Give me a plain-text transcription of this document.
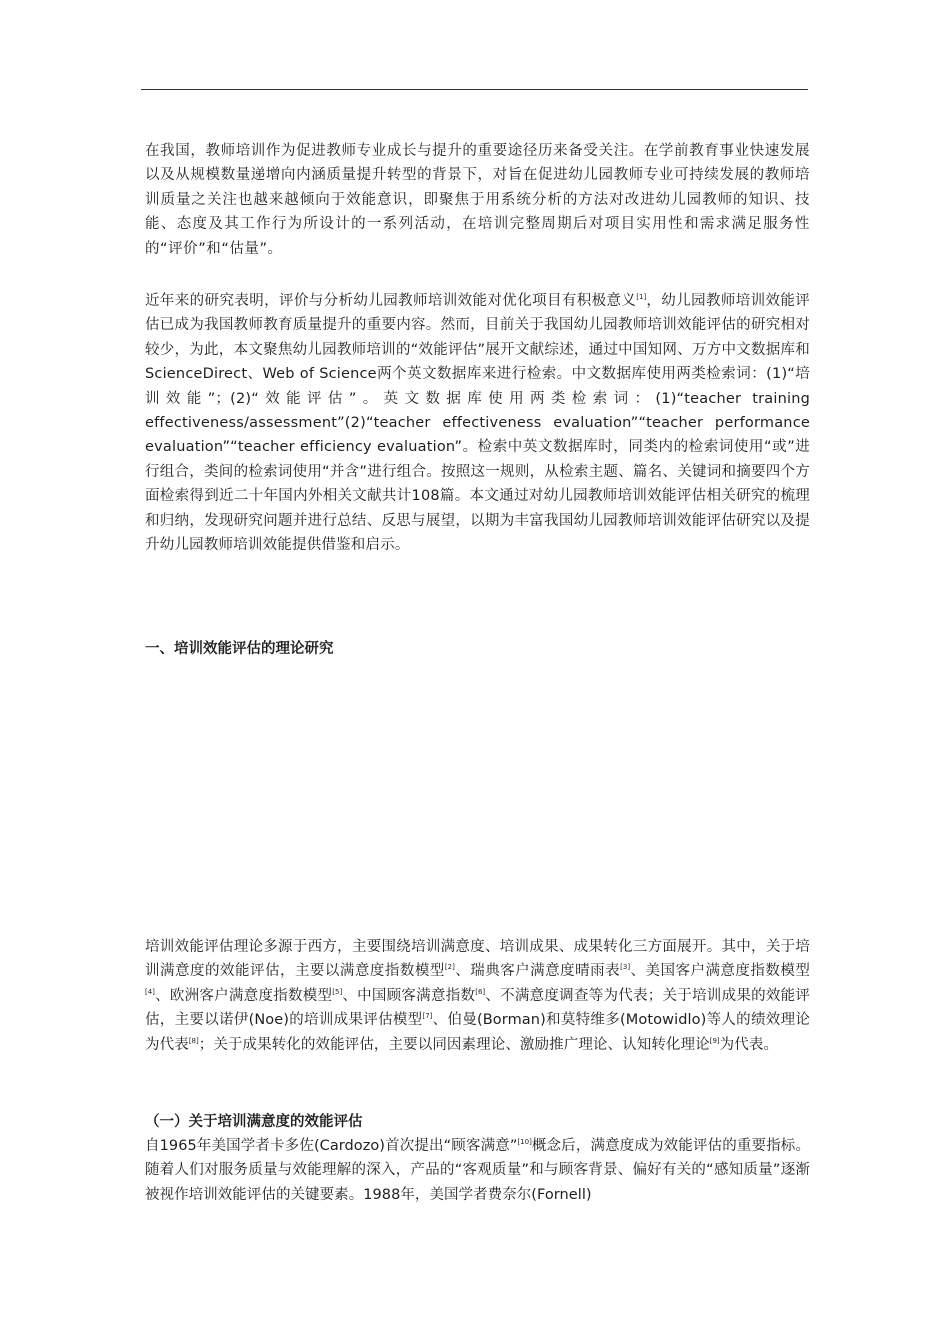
在我国，教师培训作为促进教师专业成长与提升的重要途径历来备受关注。在学前教育事业快速发展以及从规模数量递增向内涵质量提升转型的背景下，对旨在促进幼儿园教师专业可持续发展的教师培训质量之关注也越来越倾向于效能意识，即聚焦于用系统分析的方法对改进幼儿园教师的知识、技能、态度及其工作行为所设计的一系列活动，在培训完整周期后对项目实用性和需求满足服务性的“评价”和“估量”。

近年来的研究表明，评价与分析幼儿园教师培训效能对优化项目有积极意义[1]，幼儿园教师培训效能评估已成为我国教师教育质量提升的重要内容。然而，目前关于我国幼儿园教师培训效能评估的研究相对较少，为此，本文聚焦幼儿园教师培训的“效能评估”展开文献综述，通过中国知网、万方中文数据库和ScienceDirect、Web of Science两个英文数据库来进行检索。中文数据库使用两类检索词：(1)“培训效能”；(2)“效能评估”。英文数据库使用两类检索词：(1)“teacher training effectiveness/assessment”(2)“teacher effectiveness evaluation”“teacher performance evaluation”“teacher efficiency evaluation”。检索中英文数据库时，同类内的检索词使用“或”进行组合，类间的检索词使用“并含”进行组合。按照这一规则，从检索主题、篇名、关键词和摘要四个方面检索得到近二十年国内外相关文献共计108篇。本文通过对幼儿园教师培训效能评估相关研究的梳理和归纳，发现研究问题并进行总结、反思与展望，以期为丰富我国幼儿园教师培训效能评估研究以及提升幼儿园教师培训效能提供借鉴和启示。

一、培训效能评估的理论研究

培训效能评估理论多源于西方，主要围绕培训满意度、培训成果、成果转化三方面展开。其中，关于培训满意度的效能评估，主要以满意度指数模型[2]、瑞典客户满意度晴雨表[3]、美国客户满意度指数模型[4]、欧洲客户满意度指数模型[5]、中国顾客满意指数[6]、不满意度调查等为代表；关于培训成果的效能评估，主要以诺伊(Noe)的培训成果评估模型[7]、伯曼(Borman)和莫特维多(Motowidlo)等人的绩效理论为代表[8]；关于成果转化的效能评估，主要以同因素理论、激励推广理论、认知转化理论[9]为代表。

（一）关于培训满意度的效能评估

自1965年美国学者卡多佐(Cardozo)首次提出“顾客满意”[10]概念后，满意度成为效能评估的重要指标。随着人们对服务质量与效能理解的深入，产品的“客观质量”和与顾客背景、偏好有关的“感知质量”逐渐被视作培训效能评估的关键要素。1988年，美国学者费奈尔(Fornell)
